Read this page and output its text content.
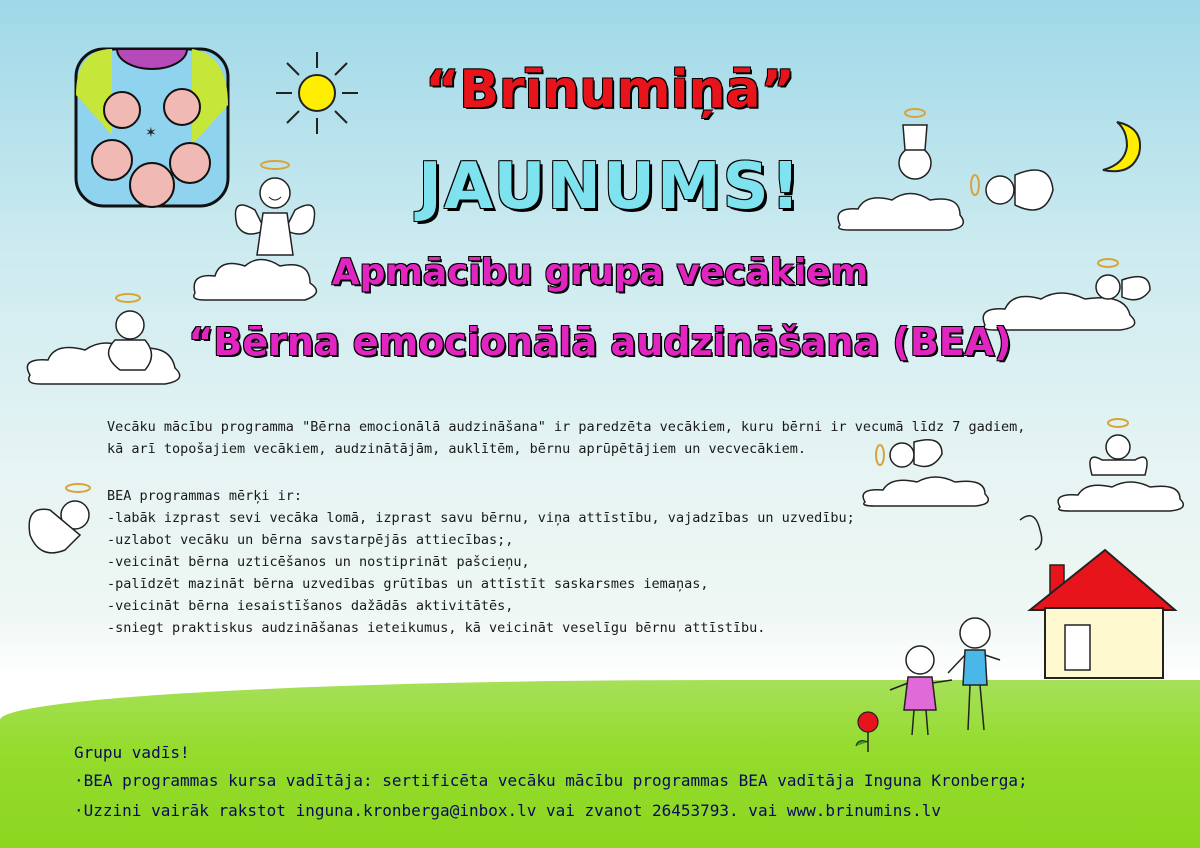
✶
“Brīnumiņā”
JAUNUMS!
Apmācību grupa vecākiem
“Bērna emocionālā audzināšana (BEA)
Vecāku mācību programma "Bērna emocionālā audzināšana" ir paredzēta vecākiem, kuru bērni ir vecumā līdz 7 gadiem,
kā arī topošajiem vecākiem, audzinātājām, auklītēm, bērnu aprūpētājiem un vecvecākiem.
BEA programmas mērķi ir:
-labāk izprast sevi vecāka lomā, izprast savu bērnu, viņa attīstību, vajadzības un uzvedību;
-uzlabot vecāku un bērna savstarpējās attiecības;,
-veicināt bērna uzticēšanos un nostiprināt pašcieņu,
-palīdzēt mazināt bērna uzvedības grūtības un attīstīt saskarsmes iemaņas,
-veicināt bērna iesaistīšanos dažādās aktivitātēs,
-sniegt praktiskus audzināšanas ieteikumus, kā veicināt veselīgu bērnu attīstību.
Grupu vadīs!
·BEA programmas kursa vadītāja: sertificēta vecāku mācību programmas BEA vadītāja Inguna Kronberga;
·Uzzini vairāk rakstot inguna.kronberga@inbox.lv vai zvanot 26453793. vai www.brinumins.lv
